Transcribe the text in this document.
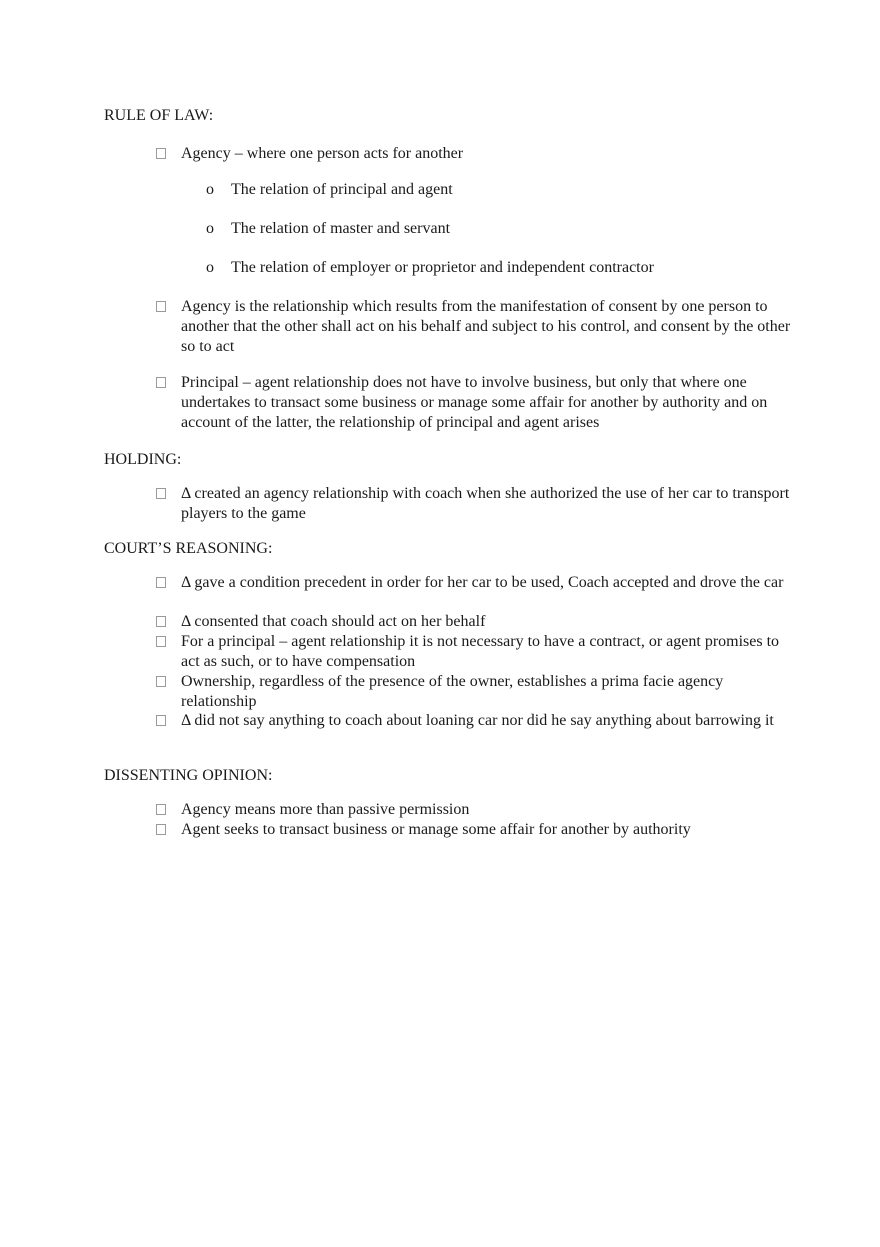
RULE OF LAW:
Agency – where one person acts for another
o The relation of principal and agent
o The relation of master and servant
o The relation of employer or proprietor and independent contractor
Agency is the relationship which results from the manifestation of consent by one person to another that the other shall act on his behalf and subject to his control, and consent by the other so to act
Principal – agent relationship does not have to involve business, but only that where one undertakes to transact some business or manage some affair for another by authority and on account of the latter, the relationship of principal and agent arises
HOLDING:
Δ created an agency relationship with coach when she authorized the use of her car to transport players to the game
COURT’S REASONING:
Δ gave a condition precedent in order for her car to be used, Coach accepted and drove the car
Δ consented that coach should act on her behalf
For a principal – agent relationship it is not necessary to have a contract, or agent promises to act as such, or to have compensation
Ownership, regardless of the presence of the owner, establishes a prima facie agency relationship
Δ did not say anything to coach about loaning car nor did he say anything about barrowing it
DISSENTING OPINION:
Agency means more than passive permission
Agent seeks to transact business or manage some affair for another by authority
